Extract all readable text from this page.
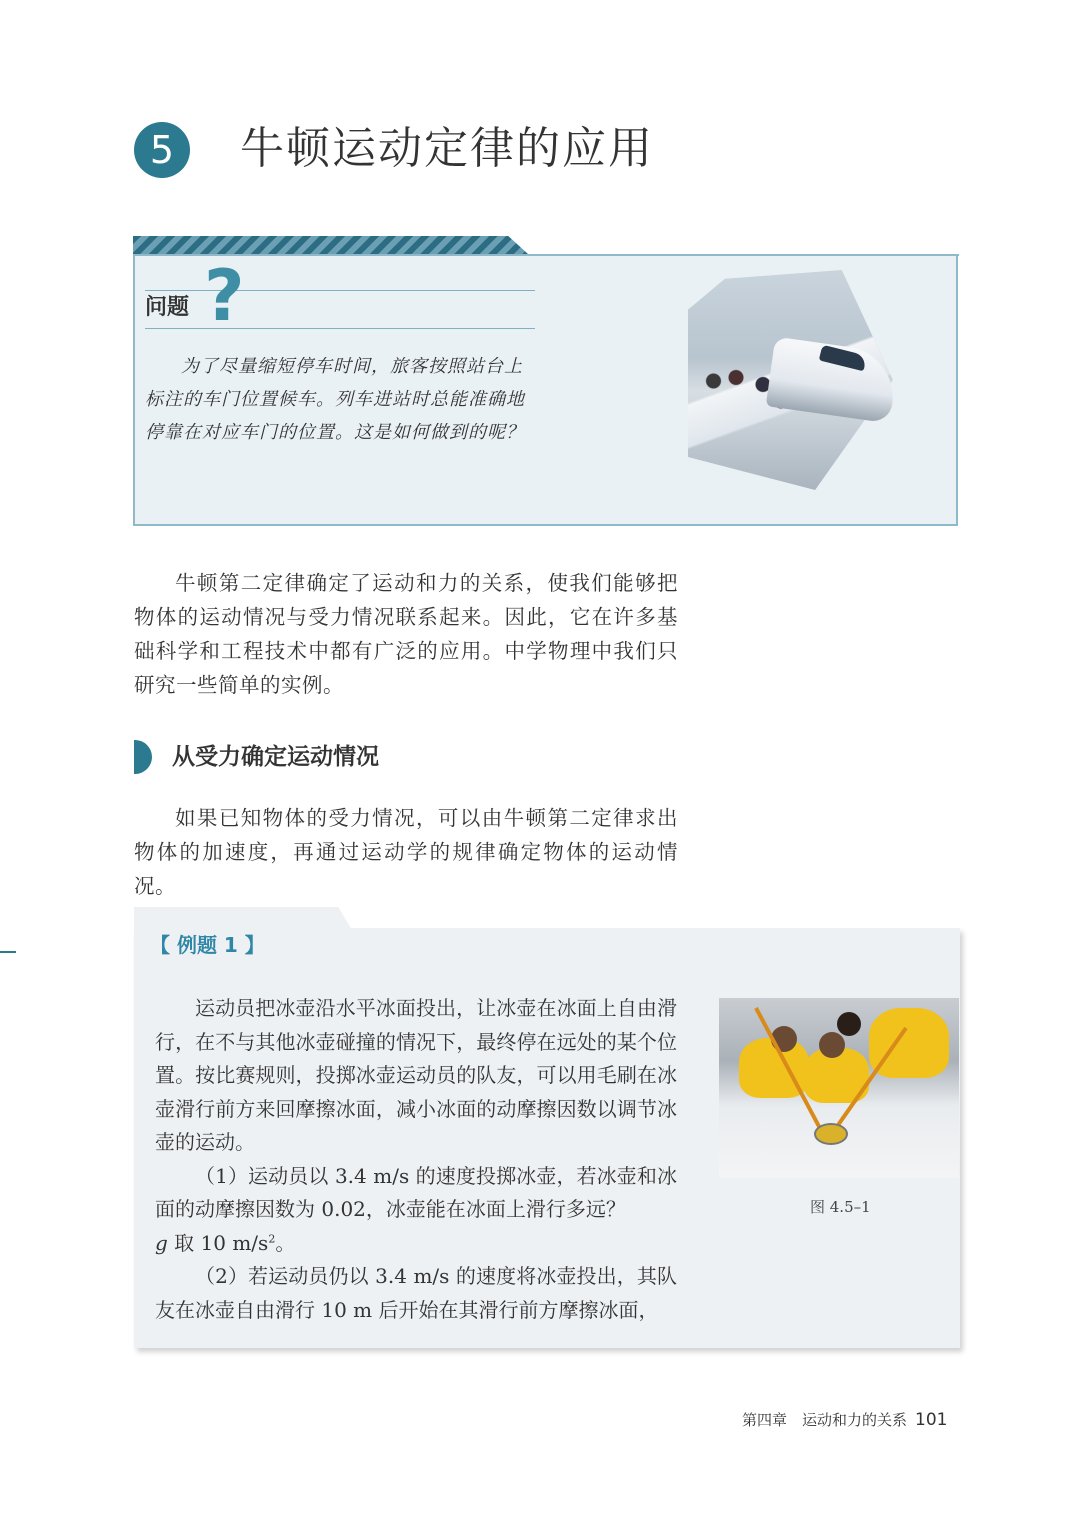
5	牛顿运动定律的应用
问题 ?

为了尽量缩短停车时间，旅客按照站台上标注的车门位置候车。列车进站时总能准确地停靠在对应车门的位置。这是如何做到的呢？

牛顿第二定律确定了运动和力的关系，使我们能够把物体的运动情况与受力情况联系起来。因此，它在许多基础科学和工程技术中都有广泛的应用。中学物理中我们只研究一些简单的实例。

从受力确定运动情况

如果已知物体的受力情况，可以由牛顿第二定律求出物体的加速度，再通过运动学的规律确定物体的运动情况。

【 例题 1 】

运动员把冰壶沿水平冰面投出，让冰壶在冰面上自由滑行，在不与其他冰壶碰撞的情况下，最终停在远处的某个位置。按比赛规则，投掷冰壶运动员的队友，可以用毛刷在冰壶滑行前方来回摩擦冰面，减小冰面的动摩擦因数以调节冰壶的运动。

（1）运动员以 3.4 m/s 的速度投掷冰壶，若冰壶和冰面的动摩擦因数为 0.02，冰壶能在冰面上滑行多远？

g 取 10 $m/s^2$。

（2）若运动员仍以 3.4 m/s 的速度将冰壶投出，其队友在冰壶自由滑行 10 m 后开始在其滑行前方摩擦冰面，

图 4.5–1
第四章　运动和力的关系 101
